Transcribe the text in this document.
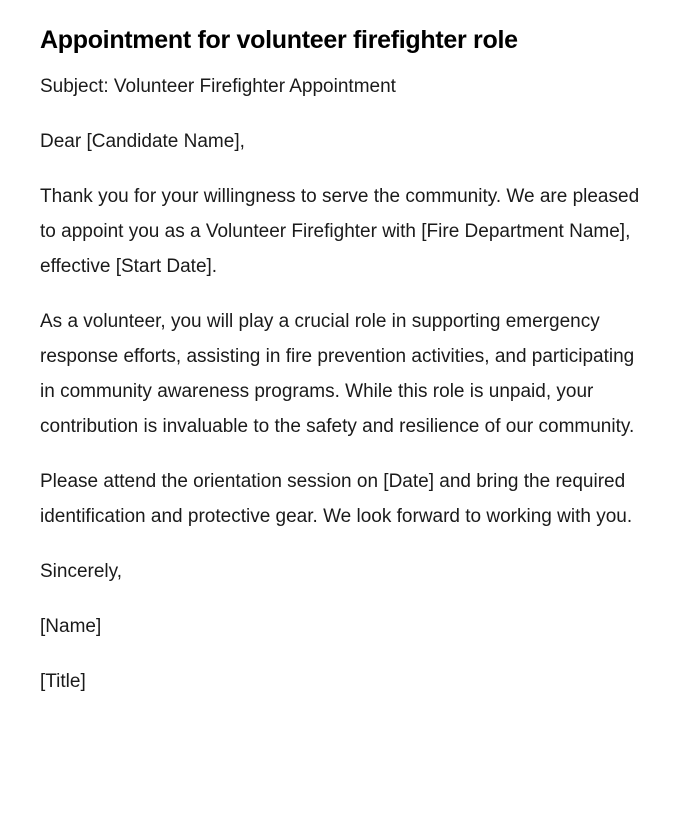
Appointment for volunteer firefighter role

Subject: Volunteer Firefighter Appointment

Dear [Candidate Name],

Thank you for your willingness to serve the community. We are pleased to appoint you as a Volunteer Firefighter with [Fire Department Name], effective [Start Date].

As a volunteer, you will play a crucial role in supporting emergency response efforts, assisting in fire prevention activities, and participating in community awareness programs. While this role is unpaid, your contribution is invaluable to the safety and resilience of our community.

Please attend the orientation session on [Date] and bring the required identification and protective gear. We look forward to working with you.

Sincerely,

[Name]

[Title]
